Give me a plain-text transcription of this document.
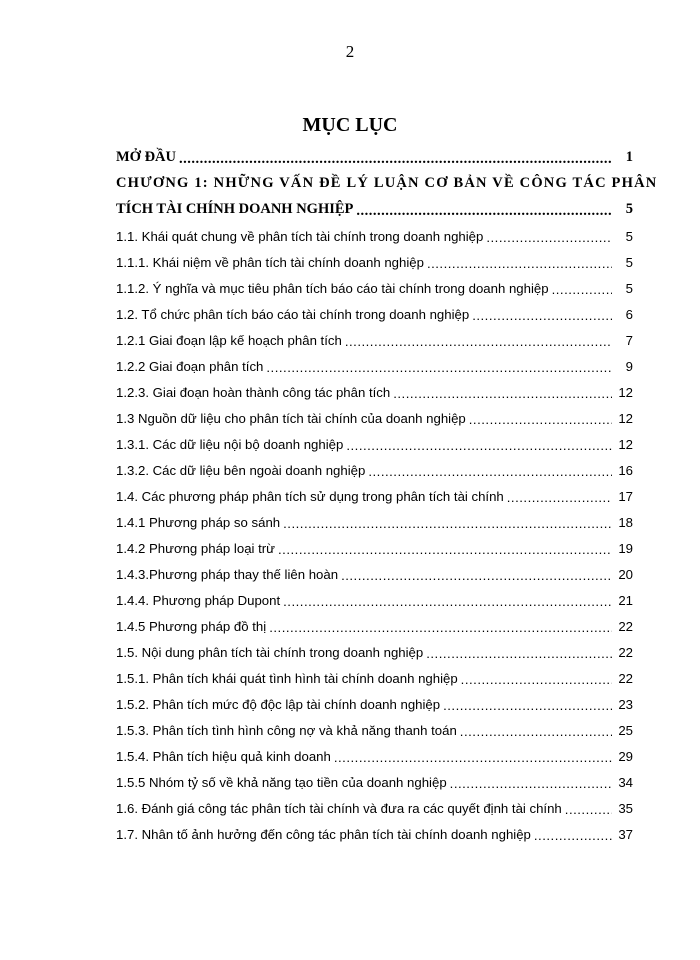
2
MỤC LỤC
MỞ ĐẦU .....	1
CHƯƠNG 1: NHỮNG VẤN ĐỀ LÝ LUẬN CƠ BẢN VỀ CÔNG TÁC PHÂN
TÍCH TÀI CHÍNH DOANH NGHIỆP .....	5
1.1. Khái quát chung về phân tích tài chính trong doanh nghiệp .....	5
1.1.1. Khái niệm về phân tích tài chính doanh nghiệp .....	5
1.1.2. Ý nghĩa và mục tiêu phân tích báo cáo tài chính trong doanh nghiệp .....	5
1.2. Tổ chức phân tích báo cáo tài chính trong doanh nghiệp .....	6
1.2.1 Giai đoạn lập kế hoạch phân tích .....	7
1.2.2 Giai đoạn phân tích .....	9
1.2.3. Giai đoạn hoàn thành công tác phân tích .....	12
1.3 Nguồn dữ liệu cho phân tích tài chính của doanh nghiệp .....	12
1.3.1. Các dữ liệu nội bộ doanh nghiệp .....	12
1.3.2. Các dữ liệu bên ngoài doanh nghiệp .....	16
1.4. Các phương pháp phân tích sử dụng trong phân tích tài chính .....	17
1.4.1 Phương pháp so sánh .....	18
1.4.2 Phương pháp loại trừ .....	19
1.4.3.Phương pháp thay thế liên hoàn .....	20
1.4.4. Phương pháp Dupont .....	21
1.4.5 Phương pháp đồ thị .....	22
1.5. Nội dung phân tích tài chính trong doanh nghiệp .....	22
1.5.1. Phân tích khái quát tình hình tài chính doanh nghiệp .....	22
1.5.2. Phân tích mức độ độc lập tài chính doanh nghiệp .....	23
1.5.3. Phân tích tình hình công nợ và khả năng thanh toán .....	25
1.5.4. Phân tích hiệu quả kinh doanh .....	29
1.5.5 Nhóm tỷ số về khả năng tạo tiền của doanh nghiệp .....	34
1.6. Đánh giá công tác phân tích tài chính và đưa ra các quyết định tài chính .....	35
1.7. Nhân tố ảnh hưởng đến công tác phân tích tài chính doanh nghiệp .....	37
